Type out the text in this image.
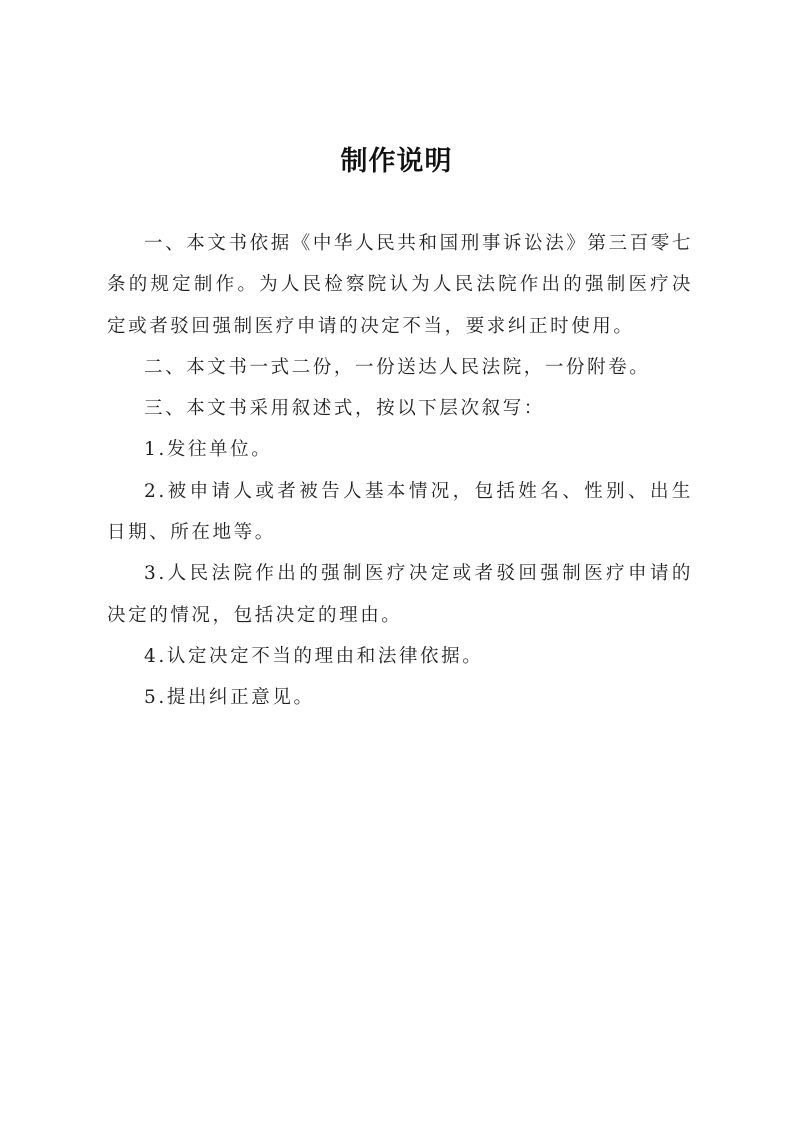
制作说明

一、本文书依据《中华人民共和国刑事诉讼法》第三百零七条的规定制作。为人民检察院认为人民法院作出的强制医疗决定或者驳回强制医疗申请的决定不当，要求纠正时使用。

二、本文书一式二份，一份送达人民法院，一份附卷。

三、本文书采用叙述式，按以下层次叙写：

1.发往单位。

2.被申请人或者被告人基本情况，包括姓名、性别、出生日期、所在地等。

3.人民法院作出的强制医疗决定或者驳回强制医疗申请的决定的情况，包括决定的理由。

4.认定决定不当的理由和法律依据。

5.提出纠正意见。
